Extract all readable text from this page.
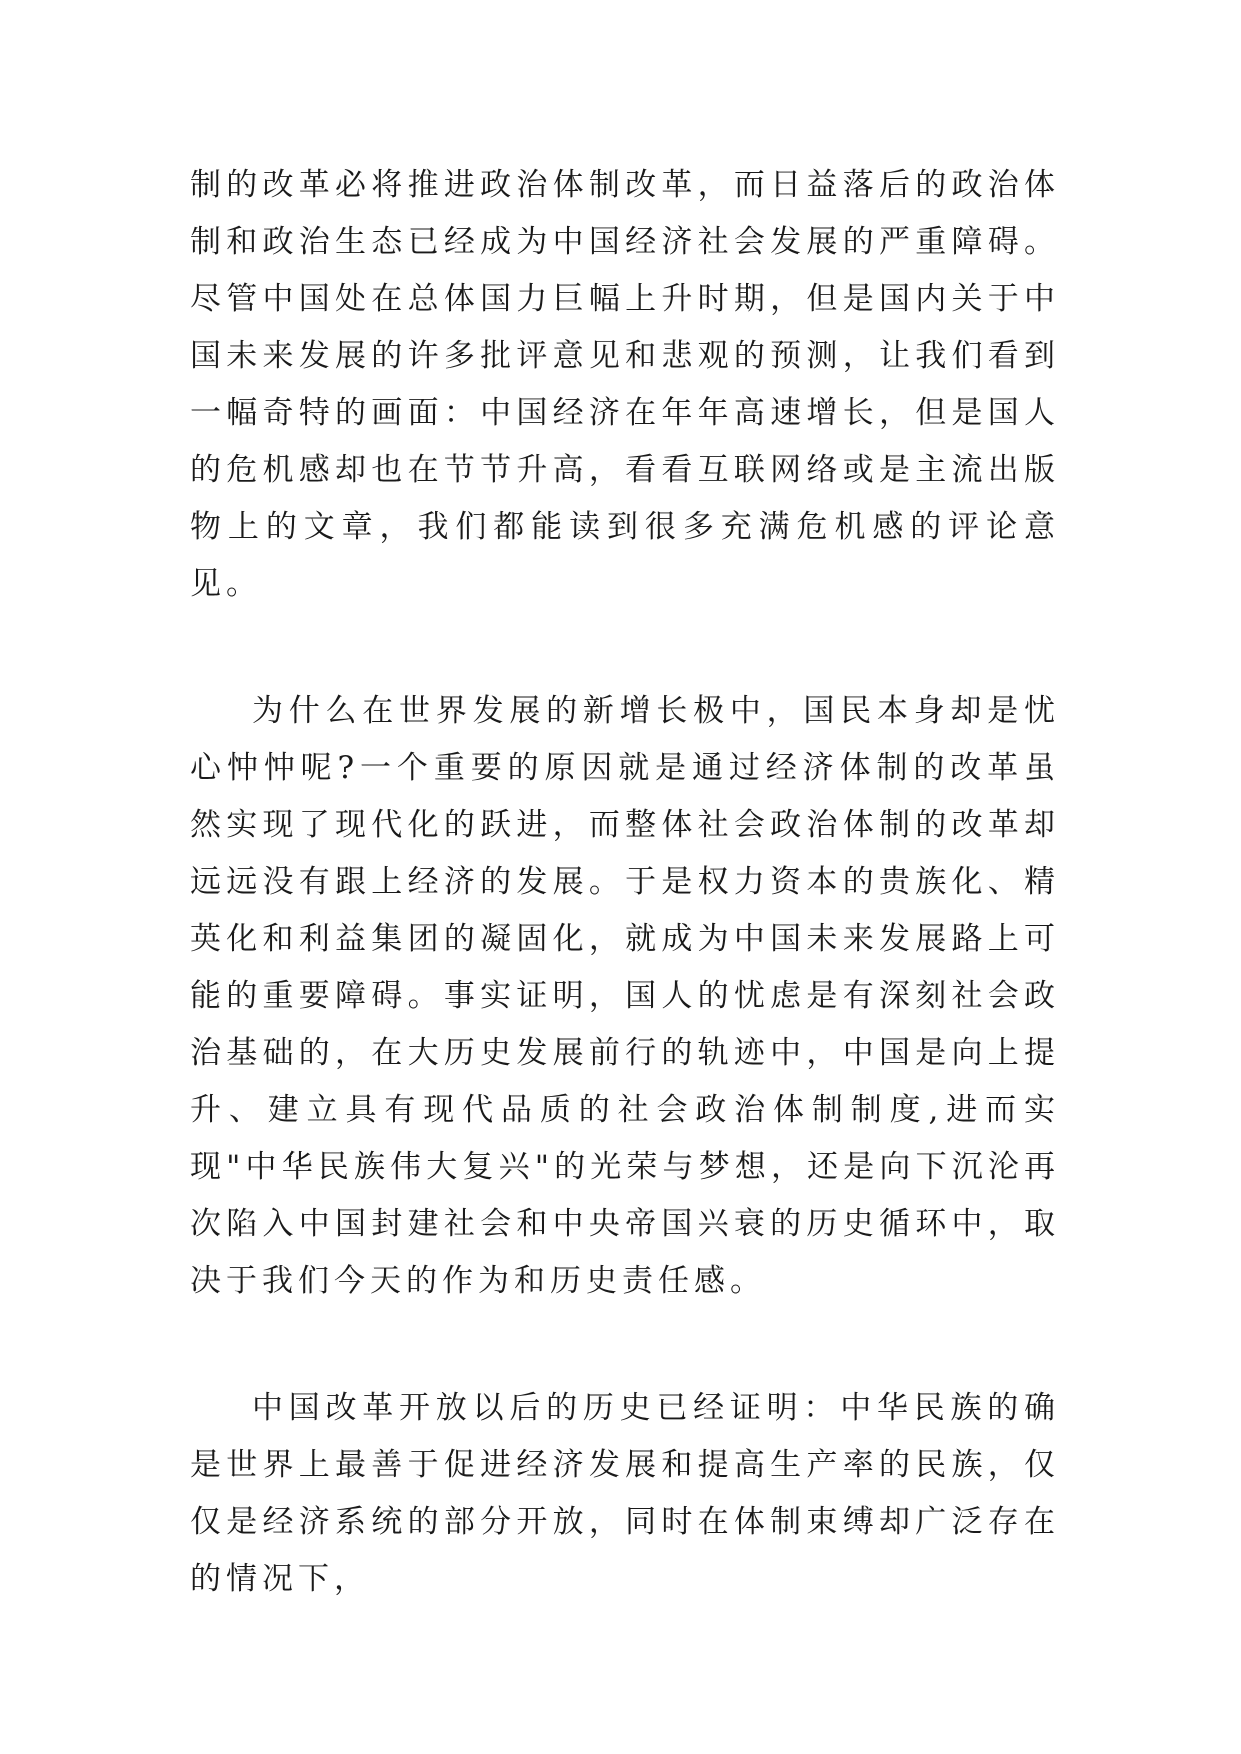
制的改革必将推进政治体制改革，而日益落后的政治体制和政治生态已经成为中国经济社会发展的严重障碍。尽管中国处在总体国力巨幅上升时期，但是国内关于中国未来发展的许多批评意见和悲观的预测，让我们看到一幅奇特的画面：中国经济在年年高速增长，但是国人的危机感却也在节节升高，看看互联网络或是主流出版物上的文章，我们都能读到很多充满危机感的评论意见。

为什么在世界发展的新增长极中，国民本身却是忧心忡忡呢?一个重要的原因就是通过经济体制的改革虽然实现了现代化的跃进，而整体社会政治体制的改革却远远没有跟上经济的发展。于是权力资本的贵族化、精英化和利益集团的凝固化，就成为中国未来发展路上可能的重要障碍。事实证明，国人的忧虑是有深刻社会政治基础的，在大历史发展前行的轨迹中，中国是向上提升、建立具有现代品质的社会政治体制制度,进而实现"中华民族伟大复兴"的光荣与梦想，还是向下沉沦再次陷入中国封建社会和中央帝国兴衰的历史循环中，取决于我们今天的作为和历史责任感。

中国改革开放以后的历史已经证明：中华民族的确是世界上最善于促进经济发展和提高生产率的民族，仅仅是经济系统的部分开放，同时在体制束缚却广泛存在的情况下，
